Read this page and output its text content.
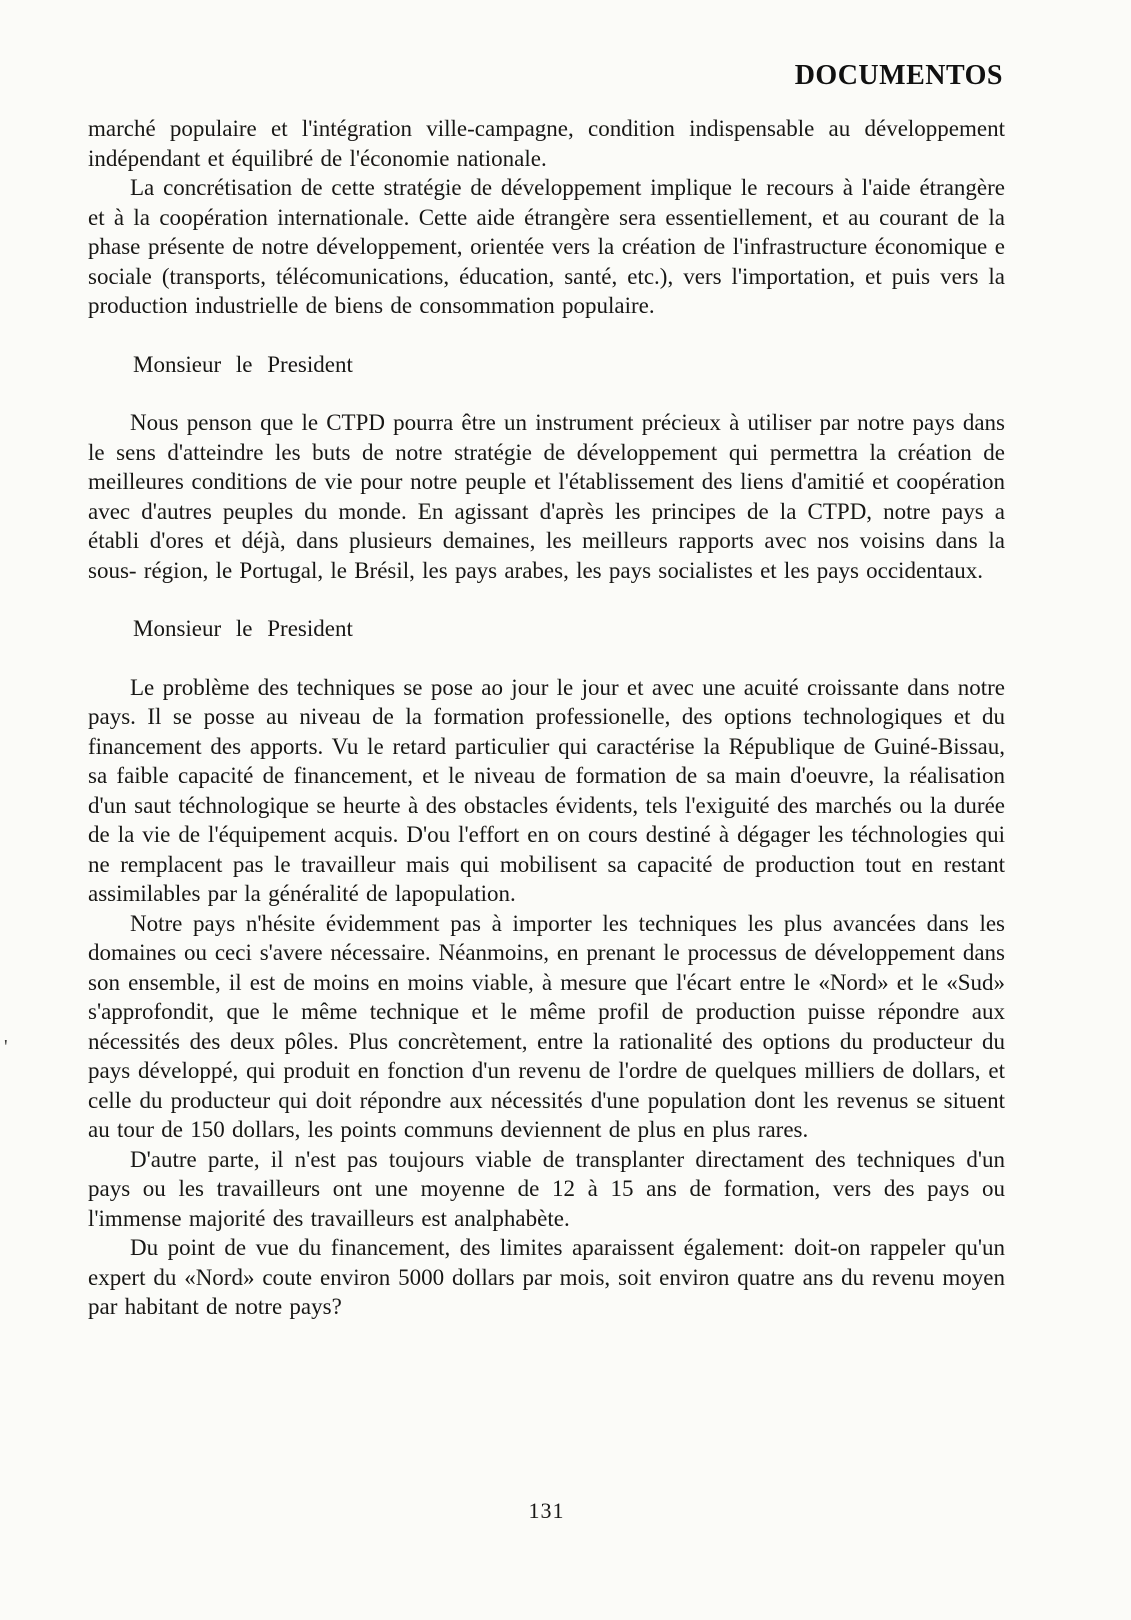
DOCUMENTOS
'

marché populaire et l'intégration ville-campagne, condition indispensable au développement indépendant et équilibré de l'économie nationale.

La concrétisation de cette stratégie de développement implique le recours à l'aide étrangère et à la coopération internationale. Cette aide étrangère sera essentiellement, et au courant de la phase présente de notre développement, orientée vers la création de l'infrastructure économique e sociale (transports, télécomunications, éducation, santé, etc.), vers l'importation, et puis vers la production industrielle de biens de consommation populaire.

Monsieur le President

Nous penson que le CTPD pourra être un instrument précieux à utiliser par notre pays dans le sens d'atteindre les buts de notre stratégie de développement qui permettra la création de meilleures conditions de vie pour notre peuple et l'établissement des liens d'amitié et coopération avec d'autres peuples du monde. En agissant d'après les principes de la CTPD, notre pays a établi d'ores et déjà, dans plusieurs demaines, les meilleurs rapports avec nos voisins dans la sous- région, le Portugal, le Brésil, les pays arabes, les pays socialistes et les pays occidentaux.

Monsieur le President

Le problème des techniques se pose ao jour le jour et avec une acuité croissante dans notre pays. Il se posse au niveau de la formation professionelle, des options technologiques et du financement des apports. Vu le retard particulier qui caractérise la République de Guiné-Bissau, sa faible capacité de financement, et le niveau de formation de sa main d'oeuvre, la réalisation d'un saut téchnologique se heurte à des obstacles évidents, tels l'exiguité des marchés ou la durée de la vie de l'équipement acquis. D'ou l'effort en on cours destiné à dégager les téchnologies qui ne remplacent pas le travailleur mais qui mobilisent sa capacité de production tout en restant assimilables par la généralité de lapopulation.

Notre pays n'hésite évidemment pas à importer les techniques les plus avancées dans les domaines ou ceci s'avere nécessaire. Néanmoins, en prenant le processus de développement dans son ensemble, il est de moins en moins viable, à mesure que l'écart entre le «Nord» et le «Sud» s'approfondit, que le même technique et le même profil de production puisse répondre aux nécessités des deux pôles. Plus concrètement, entre la rationalité des options du producteur du pays développé, qui produit en fonction d'un revenu de l'ordre de quelques milliers de dollars, et celle du producteur qui doit répondre aux nécessités d'une population dont les revenus se situent au tour de 150 dollars, les points communs deviennent de plus en plus rares.

D'autre parte, il n'est pas toujours viable de transplanter directament des techniques d'un pays ou les travailleurs ont une moyenne de 12 à 15 ans de formation, vers des pays ou l'immense majorité des travailleurs est analphabète.

Du point de vue du financement, des limites aparaissent également: doit-on rappeler qu'un expert du «Nord» coute environ 5000 dollars par mois, soit environ quatre ans du revenu moyen par habitant de notre pays?

131
